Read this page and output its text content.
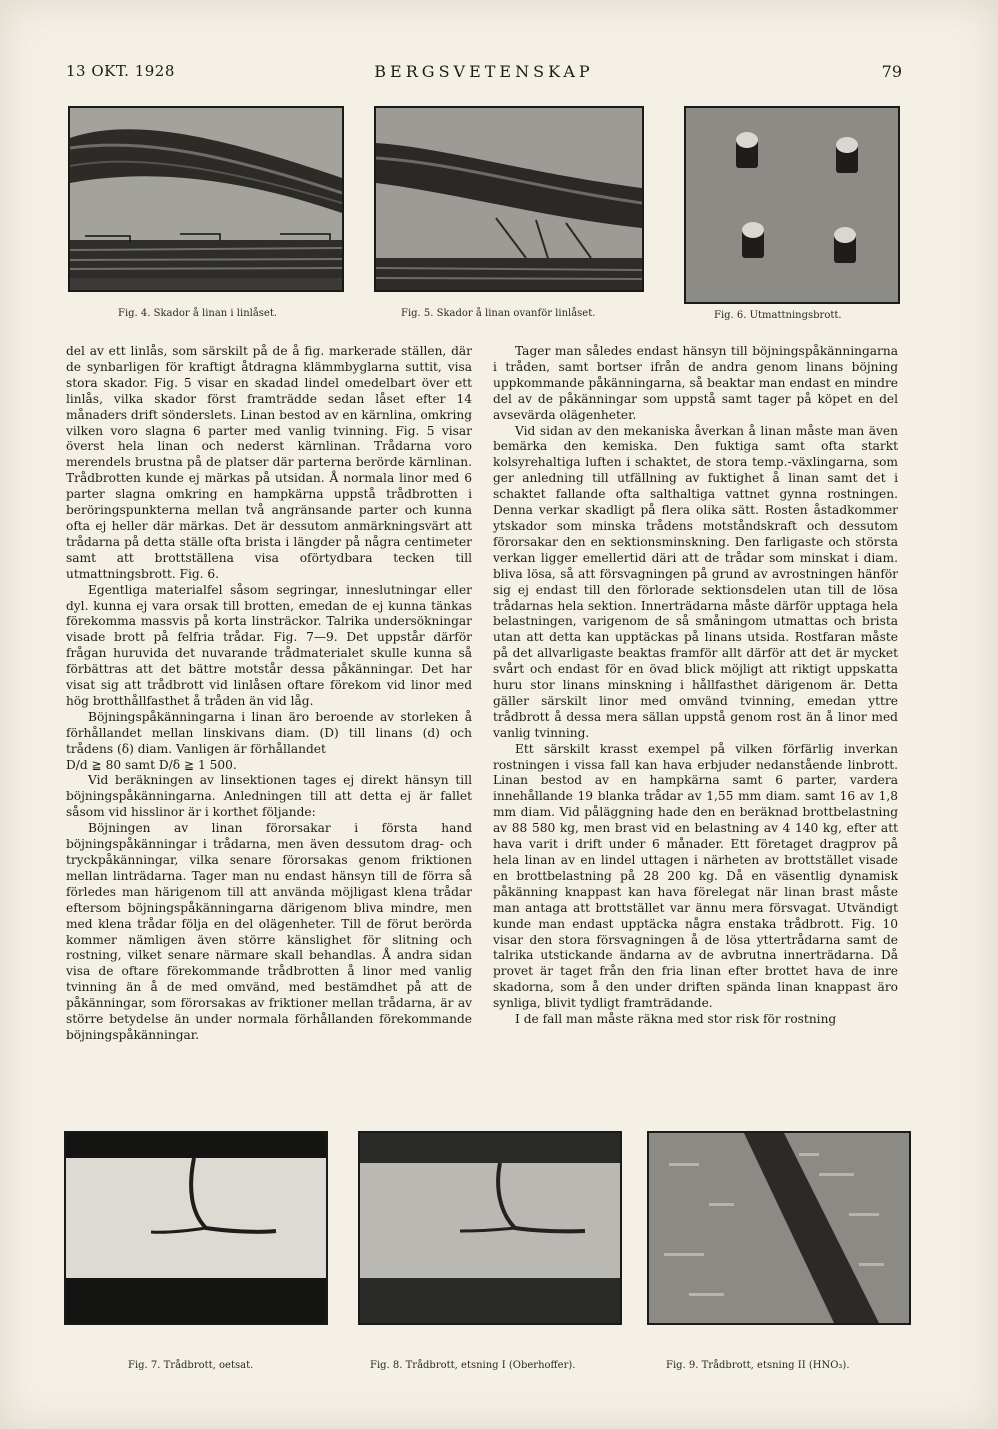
13 OKT. 1928	BERGSVETENSKAP	79
Fig. 4. Skador å linan i linlåset.	Fig. 5. Skador å linan ovanför linlåset.	Fig. 6. Utmattningsbrott.

del av ett linlås, som särskilt på de å fig. markerade ställen, där de synbarligen för kraftigt åtdragna klämmbyglarna suttit, visa stora skador. Fig. 5 visar en skadad lindel omedelbart över ett linlås, vilka skador först framträdde sedan låset efter 14 månaders drift sönderslets. Linan bestod av en kärnlina, omkring vilken voro slagna 6 parter med vanlig tvinning. Fig. 5 visar överst hela linan och nederst kärnlinan. Trådarna voro merendels brustna på de platser där parterna berörde kärnlinan. Trådbrotten kunde ej märkas på utsidan. Å normala linor med 6 parter slagna omkring en hampkärna uppstå trådbrotten i beröringspunkterna mellan två angränsande parter och kunna ofta ej heller där märkas. Det är dessutom anmärkningsvärt att trådarna på detta ställe ofta brista i längder på några centimeter samt att brottställena visa oförtydbara tecken till utmattningsbrott. Fig. 6.

Egentliga materialfel såsom segringar, inneslutningar eller dyl. kunna ej vara orsak till brotten, emedan de ej kunna tänkas förekomma massvis på korta linsträckor. Talrika undersökningar visade brott på felfria trådar. Fig. 7—9. Det uppstår därför frågan huruvida det nuvarande trådmaterialet skulle kunna så förbättras att det bättre motstår dessa påkänningar. Det har visat sig att trådbrott vid linlåsen oftare förekom vid linor med hög brotthållfasthet å tråden än vid låg.

Böjningspåkänningarna i linan äro beroende av storleken å förhållandet mellan linskivans diam. (D) till linans (d) och trådens (δ) diam. Vanligen är förhållandet

D/d ≧ 80 samt D/δ ≧ 1 500.

Vid beräkningen av linsektionen tages ej direkt hänsyn till böjningspåkänningarna. Anledningen till att detta ej är fallet såsom vid hisslinor är i korthet följande:

Böjningen av linan förorsakar i första hand böjningspåkänningar i trådarna, men även dessutom drag- och tryckpåkänningar, vilka senare förorsakas genom friktionen mellan linträdarna. Tager man nu endast hänsyn till de förra så förledes man härigenom till att använda möjligast klena trådar eftersom böjningspåkänningarna därigenom bliva mindre, men med klena trådar följa en del olägenheter. Till de förut berörda kommer nämligen även större känslighet för slitning och rostning, vilket senare närmare skall behandlas. Å andra sidan visa de oftare förekommande trådbrotten å linor med vanlig tvinning än å de med omvänd, med bestämdhet på att de påkänningar, som förorsakas av friktioner mellan trådarna, är av större betydelse än under normala förhållanden förekommande böjningspåkänningar.

Tager man således endast hänsyn till böjningspåkänningarna i tråden, samt bortser ifrån de andra genom linans böjning uppkommande påkänningarna, så beaktar man endast en mindre del av de påkänningar som uppstå samt tager på köpet en del avsevärda olägenheter.

Vid sidan av den mekaniska åverkan å linan måste man även bemärka den kemiska. Den fuktiga samt ofta starkt kolsyrehaltiga luften i schaktet, de stora temp.-växlingarna, som ger anledning till utfällning av fuktighet å linan samt det i schaktet fallande ofta salthaltiga vattnet gynna rostningen. Denna verkar skadligt på flera olika sätt. Rosten åstadkommer ytskador som minska trådens motståndskraft och dessutom förorsakar den en sektionsminskning. Den farligaste och största verkan ligger emellertid däri att de trådar som minskat i diam. bliva lösa, så att försvagningen på grund av avrostningen hänför sig ej endast till den förlorade sektionsdelen utan till de lösa trådarnas hela sektion. Innerträdarna måste därför upptaga hela belastningen, varigenom de så småningom utmattas och brista utan att detta kan upptäckas på linans utsida. Rostfaran måste på det allvarligaste beaktas framför allt därför att det är mycket svårt och endast för en övad blick möjligt att riktigt uppskatta huru stor linans minskning i hållfasthet därigenom är. Detta gäller särskilt linor med omvänd tvinning, emedan yttre trådbrott å dessa mera sällan uppstå genom rost än å linor med vanlig tvinning.

Ett särskilt krasst exempel på vilken förfärlig inverkan rostningen i vissa fall kan hava erbjuder nedanstående linbrott. Linan bestod av en hampkärna samt 6 parter, vardera innehållande 19 blanka trådar av 1,55 mm diam. samt 16 av 1,8 mm diam. Vid påläggning hade den en beräknad brottbelastning av 88 580 kg, men brast vid en belastning av 4 140 kg, efter att hava varit i drift under 6 månader. Ett företaget dragprov på hela linan av en lindel uttagen i närheten av brottstället visade en brottbelastning på 28 200 kg. Då en väsentlig dynamisk påkänning knappast kan hava förelegat när linan brast måste man antaga att brottstället var ännu mera försvagat. Utvändigt kunde man endast upptäcka några enstaka trådbrott. Fig. 10 visar den stora försvagningen å de lösa yttertrådarna samt de talrika utstickande ändarna av de avbrutna innerträdarna. Då provet är taget från den fria linan efter brottet hava de inre skadorna, som å den under driften spända linan knappast äro synliga, blivit tydligt framträdande.

I de fall man måste räkna med stor risk för rostning

Fig. 7. Trådbrott, oetsat.	Fig. 8. Trådbrott, etsning I (Oberhoffer).	Fig. 9. Trådbrott, etsning II (HNO₃).
